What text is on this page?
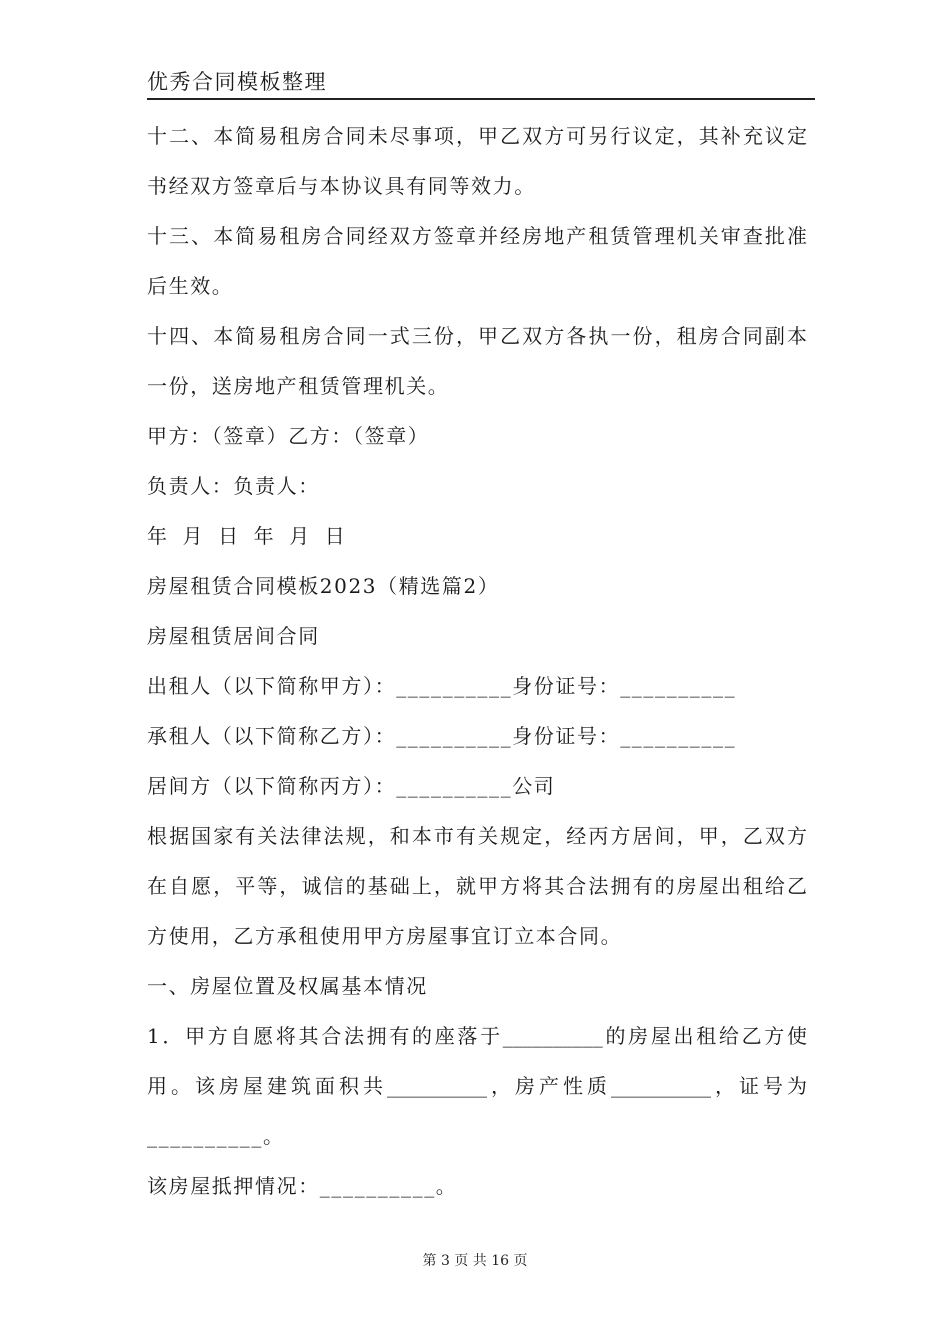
优秀合同模板整理
十二、本简易租房合同未尽事项，甲乙双方可另行议定，其补充议定
书经双方签章后与本协议具有同等效力。
十三、本简易租房合同经双方签章并经房地产租赁管理机关审查批准
后生效。
十四、本简易租房合同一式三份，甲乙双方各执一份，租房合同副本
一份，送房地产租赁管理机关。
甲方：（签章）乙方：（签章）
负责人：负责人：
年 月 日 年 月 日
房屋租赁合同模板2023（精选篇2）
房屋租赁居间合同
出租人（以下简称甲方）：__________身份证号：__________
承租人（以下简称乙方）：__________身份证号：__________
居间方（以下简称丙方）：__________公司
根据国家有关法律法规，和本市有关规定，经丙方居间，甲，乙双方
在自愿，平等，诚信的基础上，就甲方将其合法拥有的房屋出租给乙
方使用，乙方承租使用甲方房屋事宜订立本合同。
一、房屋位置及权属基本情况
1．甲方自愿将其合法拥有的座落于__________的房屋出租给乙方使
用。该房屋建筑面积共__________，房产性质__________，证号为
__________。
该房屋抵押情况：__________。
第 3 页 共 16 页
